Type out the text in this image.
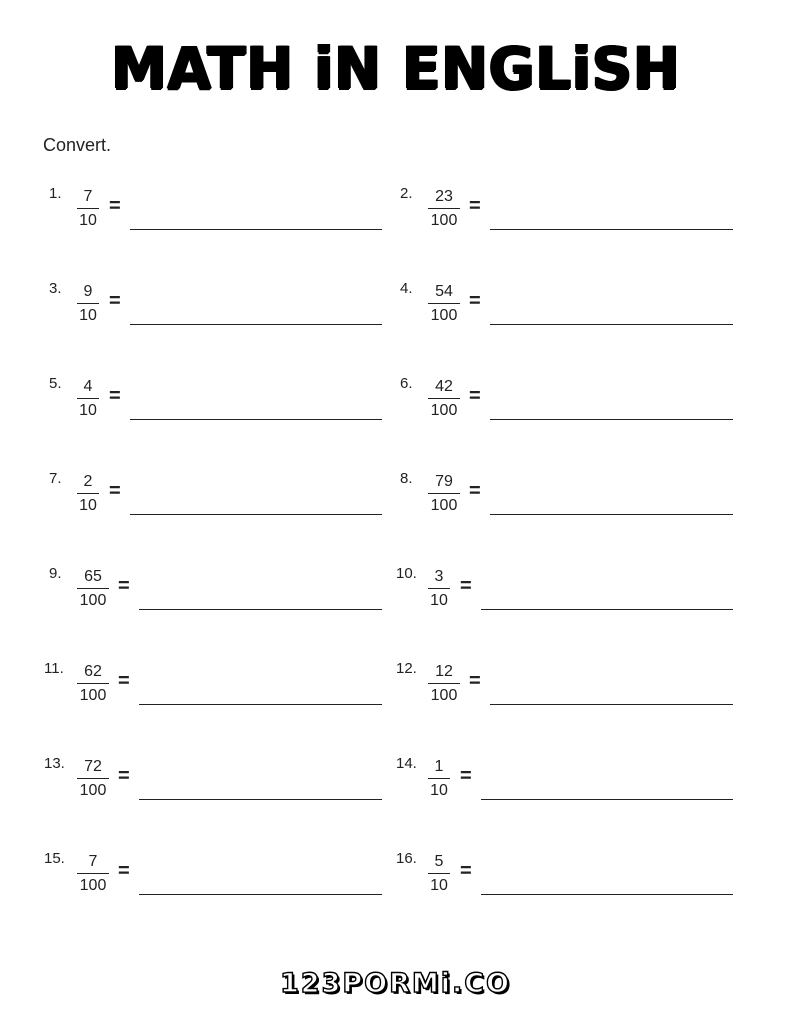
MATH iN ENGLiSH
Convert.
1. 7
10
=
2. 23
100
=
3. 9
10
=
4. 54
100
=
5. 4
10
=
6. 42
100
=
7. 2
10
=
8. 79
100
=
9. 65
100
=
10. 3
10
=
11. 62
100
=
12. 12
100
=
13. 72
100
=
14. 1
10
=
15. 7
100
=
16. 5
10
=
123PORMi.CO
